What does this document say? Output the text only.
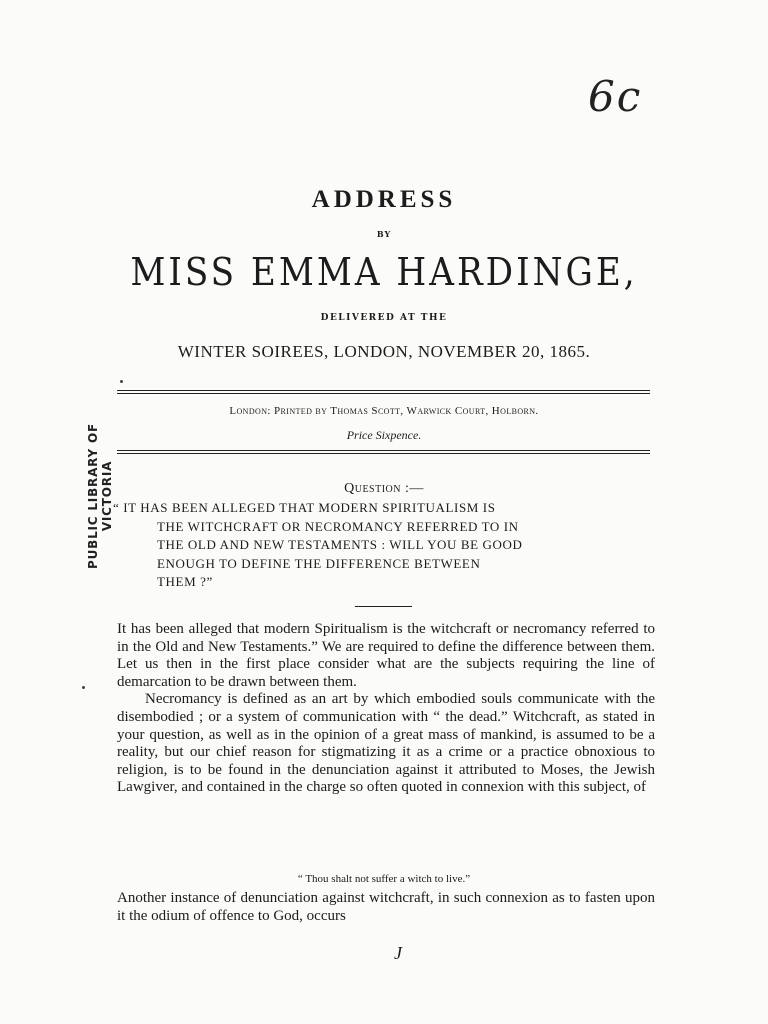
6c
ADDRESS
BY
MISS EMMA HARDINGE,
DELIVERED AT THE
WINTER SOIREES, LONDON, NOVEMBER 20, 1865.
London: Printed by Thomas Scott, Warwick Court, Holborn.
Price Sixpence.
PUBLIC LIBRARY OF VICTORIA	Question :—
“ IT HAS BEEN ALLEGED THAT MODERN SPIRITUALISM IS
THE WITCHCRAFT OR NECROMANCY REFERRED TO IN
THE OLD AND NEW TESTAMENTS : WILL YOU BE GOOD
ENOUGH TO DEFINE THE DIFFERENCE BETWEEN
THEM ?”

It has been alleged that modern Spiritualism is the witchcraft or necromancy referred to in the Old and New Testaments.” We are required to define the difference between them. Let us then in the first place consider what are the subjects requiring the line of demarcation to be drawn between them.

Necromancy is defined as an art by which embodied souls communicate with the disembodied ; or a system of communication with “ the dead.” Witchcraft, as stated in your question, as well as in the opinion of a great mass of mankind, is assumed to be a reality, but our chief reason for stigmatizing it as a crime or a practice obnoxious to religion, is to be found in the denunciation against it attributed to Moses, the Jewish Lawgiver, and contained in the charge so often quoted in connexion with this subject, of

“ Thou shalt not suffer a witch to live.”

Another instance of denunciation against witchcraft, in such connexion as to fasten upon it the odium of offence to God, occurs

J
